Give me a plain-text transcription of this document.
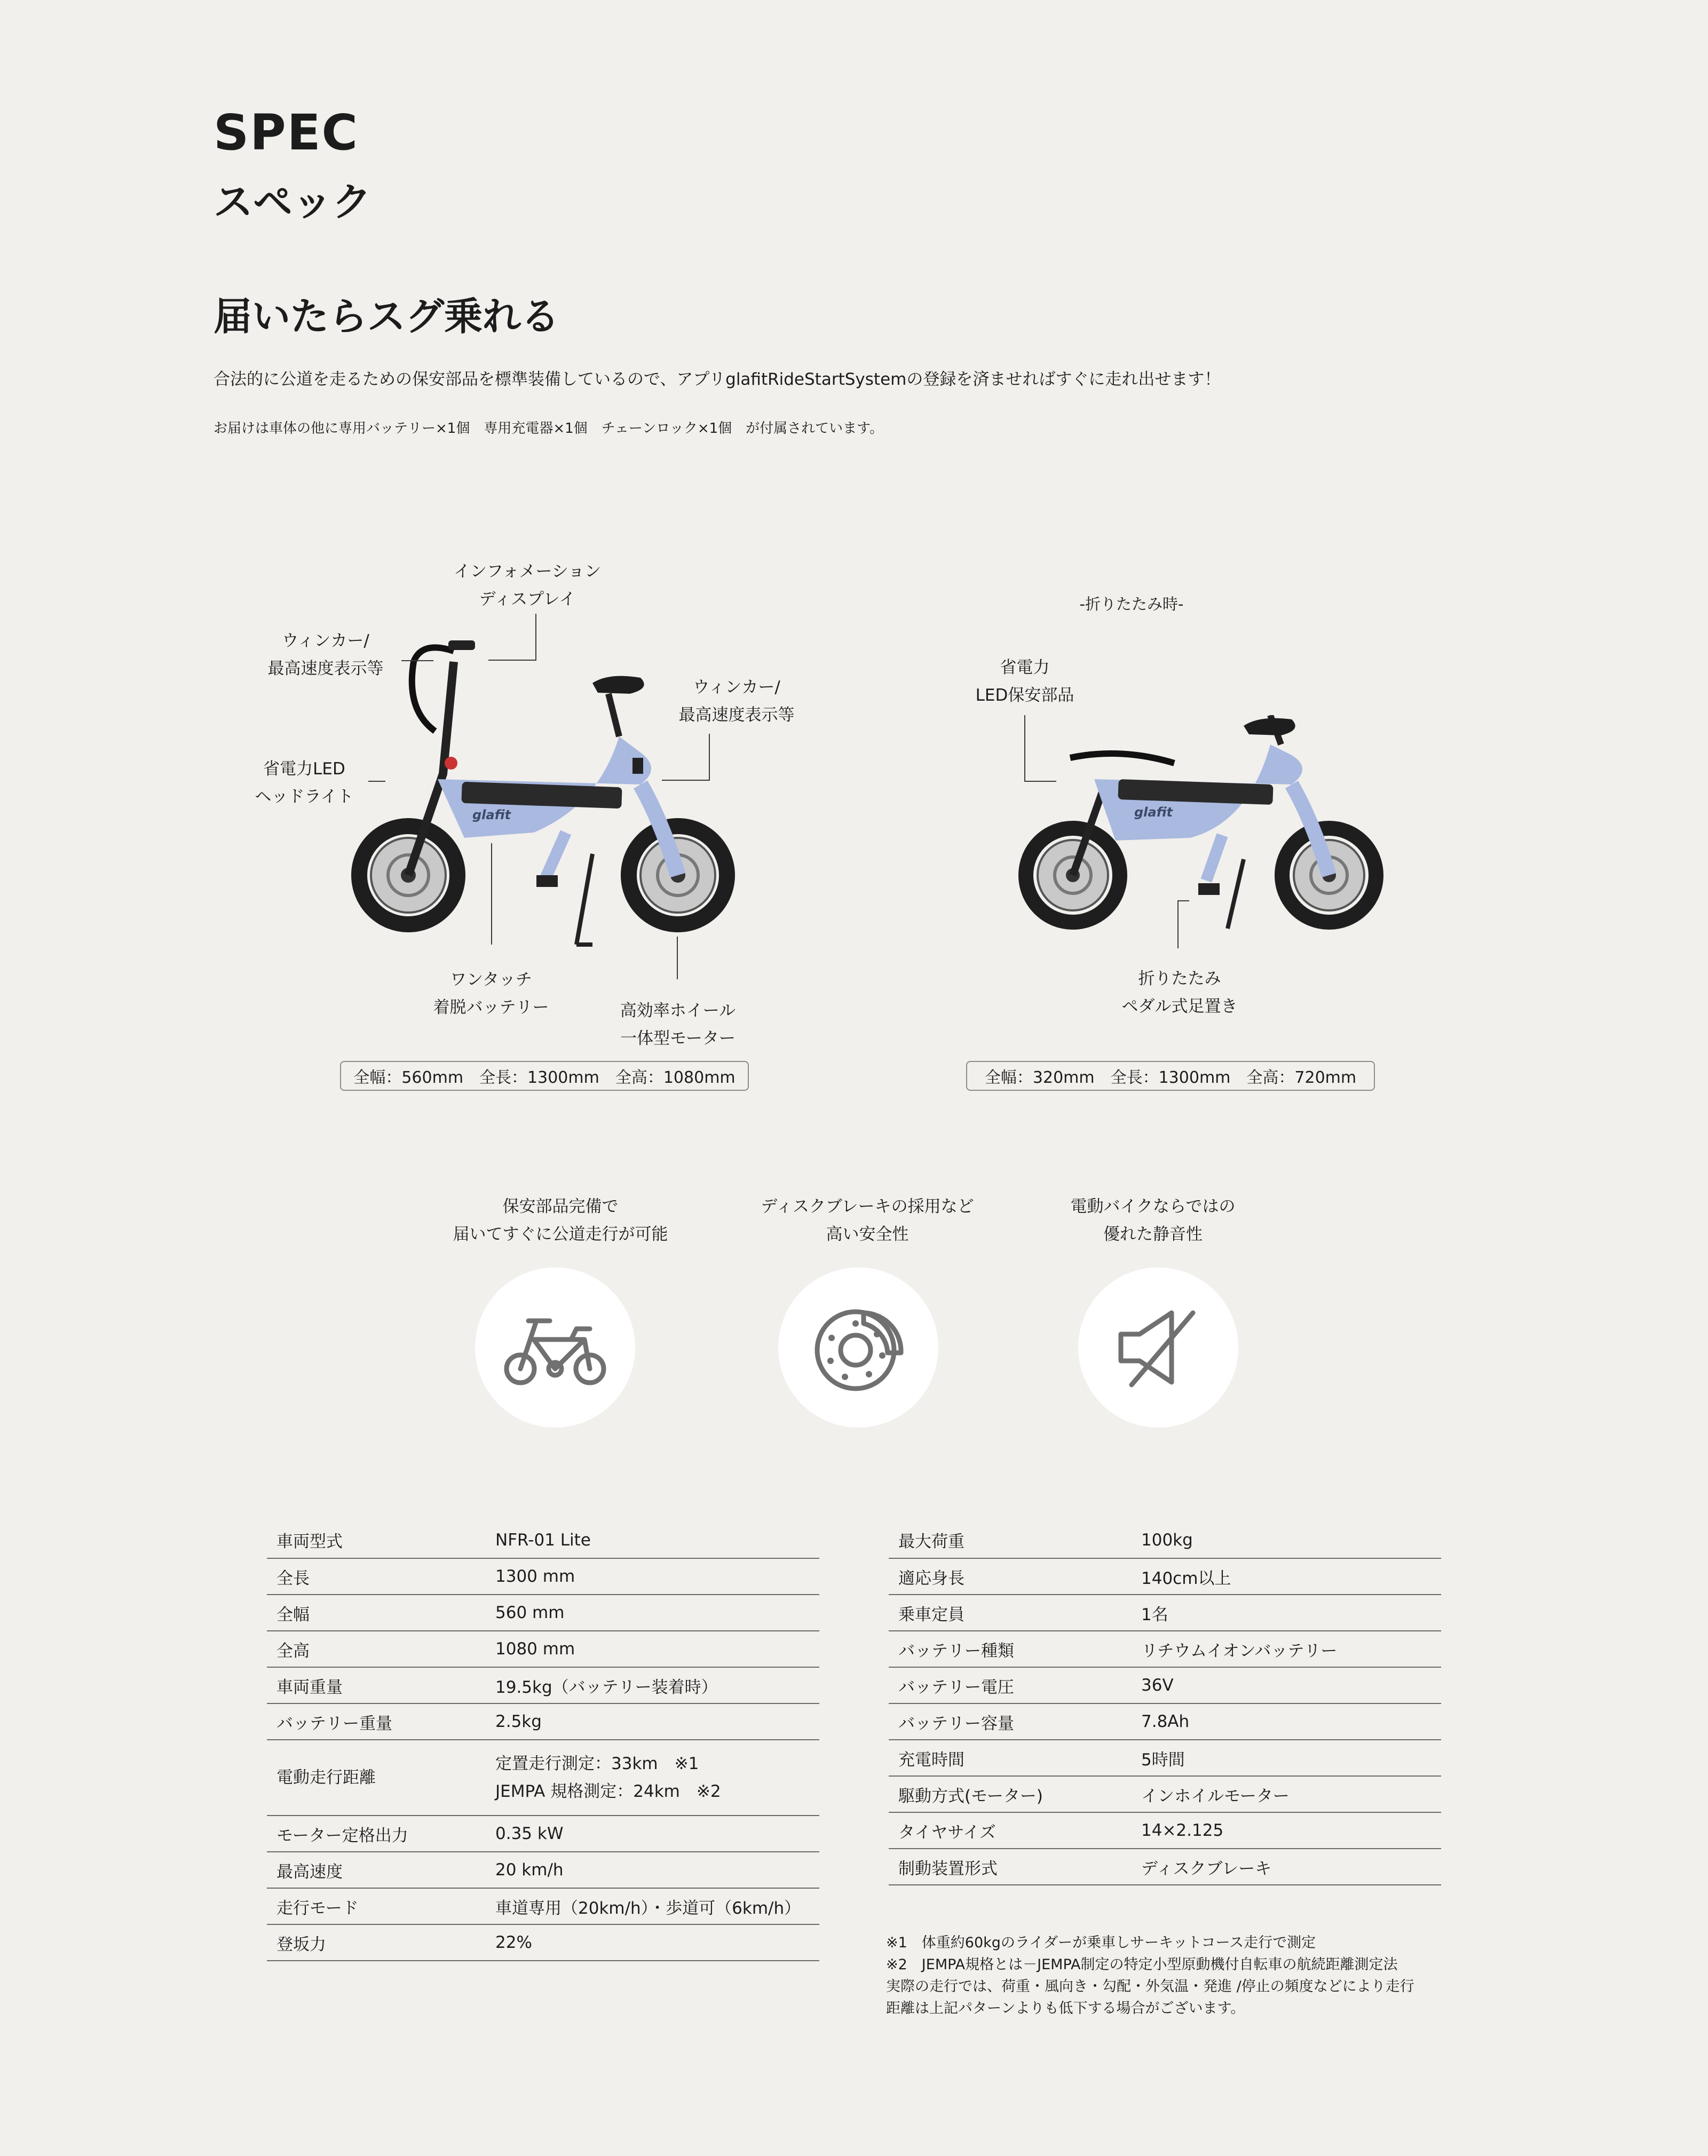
SPEC
スペック
届いたらスグ乗れる
合法的に公道を走るための保安部品を標準装備しているので、アプリglafitRideStartSystemの登録を済ませればすぐに走れ出せます！
お届けは車体の他に専用バッテリー×1個　専用充電器×1個　チェーンロック×1個　が付属されています。
glafit
インフォメーション
ディスプレイ
ウィンカー/
最高速度表示等
ウィンカー/
最高速度表示等
省電力LED
ヘッドライト
ワンタッチ
着脱バッテリー	高効率ホイール
一体型モーター
全幅：560mm　全長：1300mm　全高：1080mm
-折りたたみ時-
glafit
省電力
LED保安部品
折りたたみ
ペダル式足置き
全幅：320mm　全長：1300mm　全高：720mm
保安部品完備で
届いてすぐに公道走行が可能
ディスクブレーキの採用など
高い安全性
電動バイクならではの
優れた静音性
車両型式	NFR-01 Lite
全長	1300 mm
全幅	560 mm
全高	1080 mm
車両重量	19.5kg（バッテリー装着時）
バッテリー重量	2.5kg
電動走行距離	定置走行測定：33km　※1
JEMPA 規格測定：24km　※2

モーター定格出力	0.35 kW
最高速度	20 km/h
走行モード	車道専用（20km/h）・歩道可（6km/h）
登坂力	22%
最大荷重	100kg
適応身長	140cm以上
乗車定員	1名
バッテリー種類	リチウムイオンバッテリー
バッテリー電圧	36V
バッテリー容量	7.8Ah
充電時間	5時間
駆動方式(モーター)	インホイルモーター
タイヤサイズ	14×2.125
制動装置形式	ディスクブレーキ
※1　体重約60kgのライダーが乗車しサーキットコース走行で測定
※2　JEMPA規格とは－JEMPA制定の特定小型原動機付自転車の航続距離測定法
実際の走行では、荷重・風向き・勾配・外気温・発進 /停止の頻度などにより走行
距離は上記パターンよりも低下する場合がございます。
